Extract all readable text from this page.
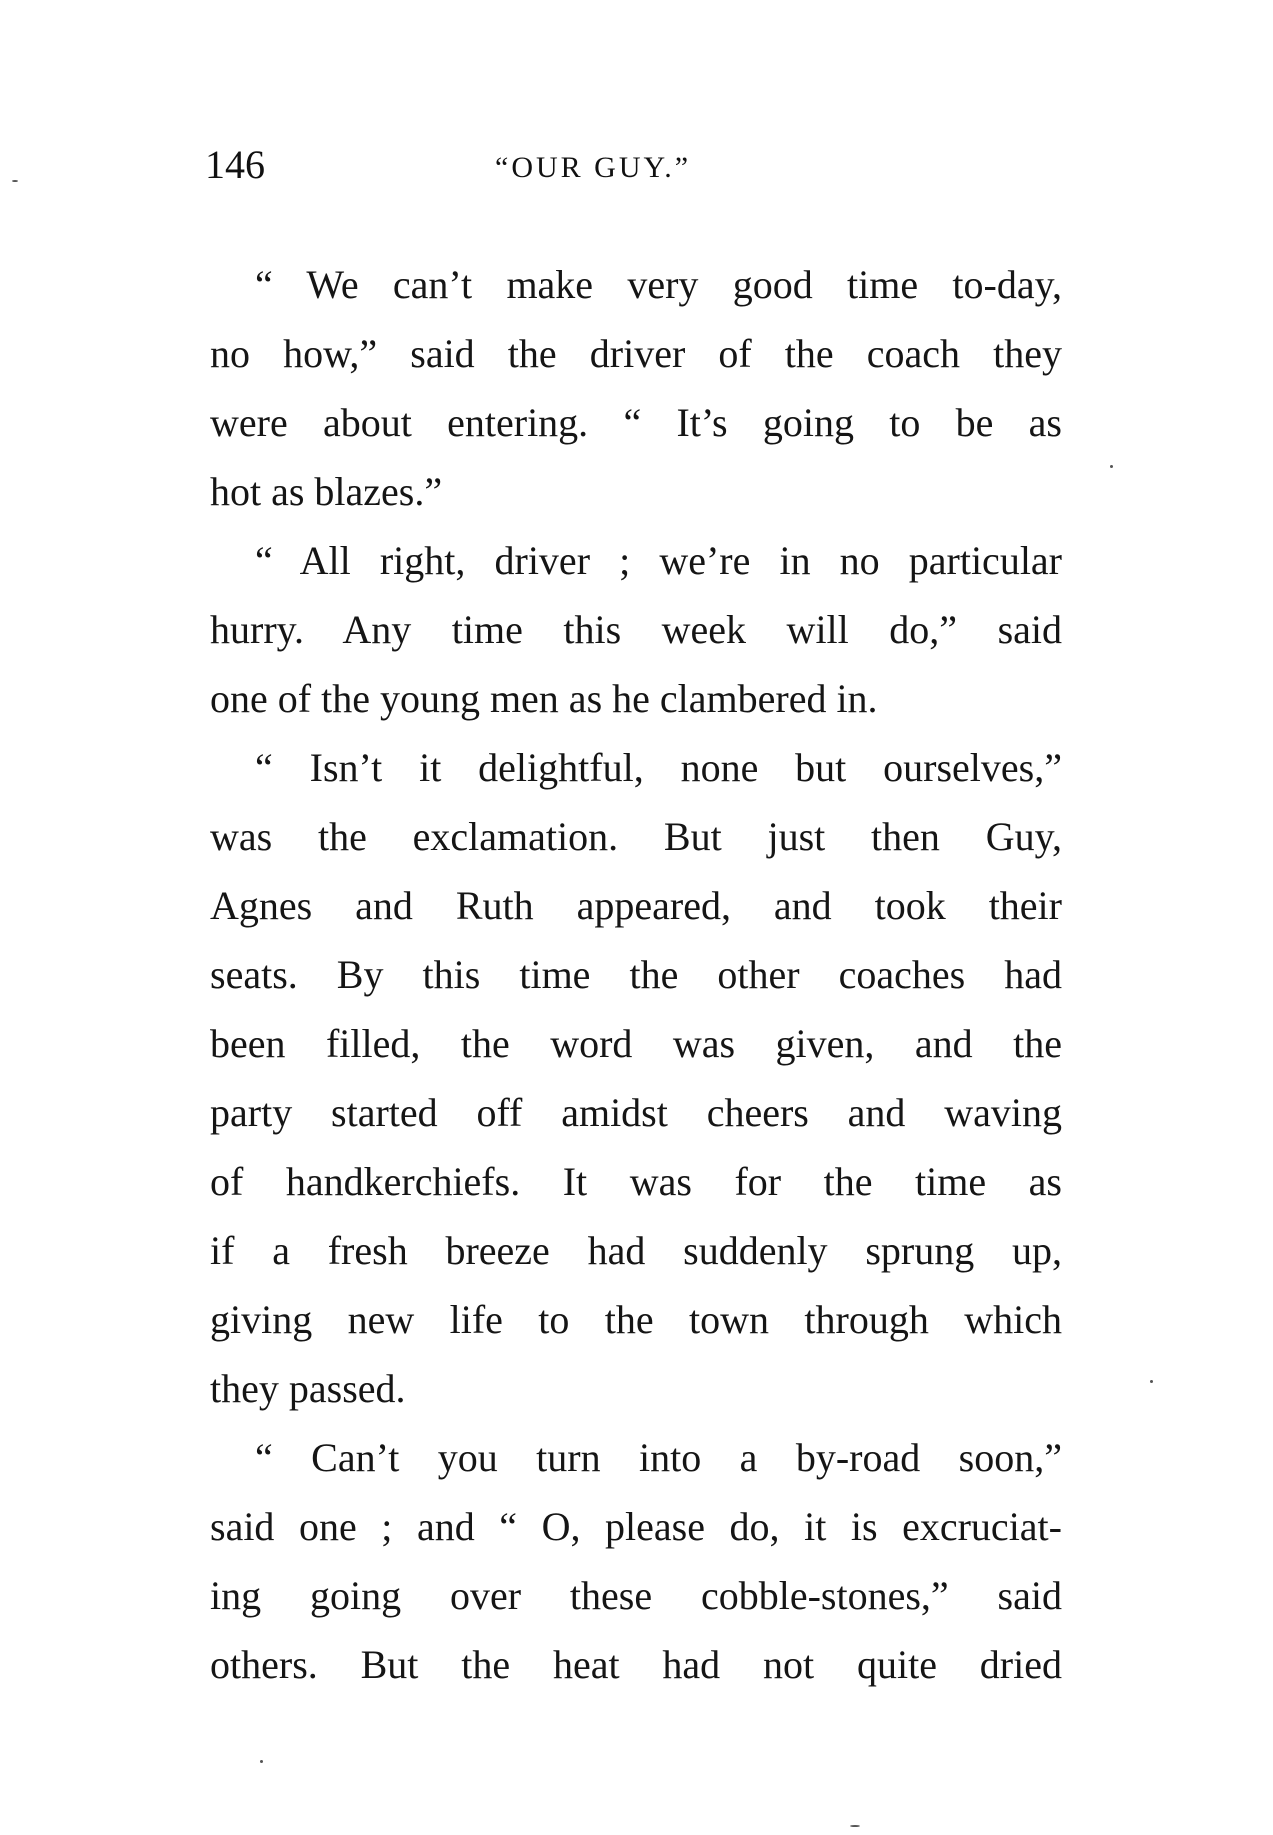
146	“OUR GUY.”
“ We can’t make very good time to-day,
no how,” said the driver of the coach they
were about entering. “ It’s going to be as
hot as blazes.”
“ All right, driver ; we’re in no particular
hurry. Any time this week will do,” said
one of the young men as he clambered in.
“ Isn’t it delightful, none but ourselves,”
was the exclamation. But just then Guy,
Agnes and Ruth appeared, and took their
seats. By this time the other coaches had
been filled, the word was given, and the
party started off amidst cheers and waving
of handkerchiefs. It was for the time as
if a fresh breeze had suddenly sprung up,
giving new life to the town through which
they passed.
“ Can’t you turn into a by-road soon,”
said one ; and “ O, please do, it is excruciat-
ing going over these cobble-stones,” said
others. But the heat had not quite dried
